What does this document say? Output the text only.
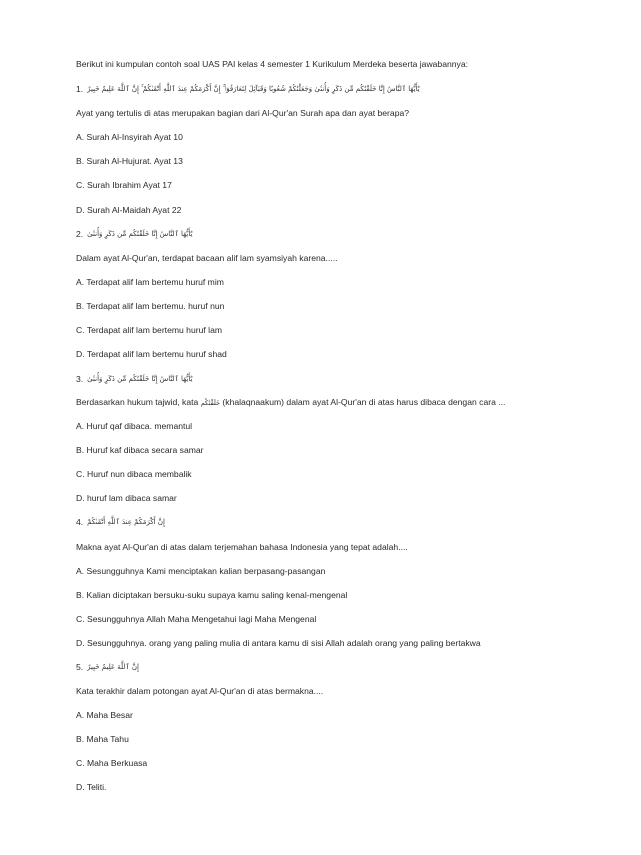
Berikut ini kumpulan contoh soal UAS PAI kelas 4 semester 1 Kurikulum Merdeka beserta jawabannya:
1. يَٰٓأَيُّهَا ٱلنَّاسُ إِنَّا خَلَقْنَٰكُم مِّن ذَكَرٍ وَأُنثَىٰ وَجَعَلْنَٰكُمْ شُعُوبًا وَقَبَآئِلَ لِتَعَارَفُوٓا۟ ۚ إِنَّ أَكْرَمَكُمْ عِندَ ٱللَّهِ أَتْقَىٰكُمْ ۚ إِنَّ ٱللَّهَ عَلِيمٌ خَبِيرٌ
Ayat yang tertulis di atas merupakan bagian dari Al-Qur'an Surah apa dan ayat berapa?
A. Surah Al-Insyirah Ayat 10
B. Surah Al-Hujurat. Ayat 13
C. Surah Ibrahim Ayat 17
D. Surah Al-Maidah Ayat 22
2. يَٰٓأَيُّهَا ٱلنَّاسُ إِنَّا خَلَقْنَٰكُم مِّن ذَكَرٍ وَأُنثَىٰ
Dalam ayat Al-Qur'an, terdapat bacaan alif lam syamsiyah karena.....
A. Terdapat alif lam bertemu huruf mim
B. Terdapat alif lam bertemu. huruf nun
C. Terdapat alif lam bertemu huruf lam
D. Terdapat alif lam bertemu huruf shad
3. يَٰٓأَيُّهَا ٱلنَّاسُ إِنَّا خَلَقْنَٰكُم مِّن ذَكَرٍ وَأُنثَىٰ
Berdasarkan hukum tajwid, kata خَلَقْنَٰكُم (khalaqnaakum) dalam ayat Al-Qur'an di atas harus dibaca dengan cara ...
A. Huruf qaf dibaca. memantul
B. Huruf kaf dibaca secara samar
C. Huruf nun dibaca membalik
D. huruf lam dibaca samar
4. إِنَّ أَكْرَمَكُمْ عِندَ ٱللَّهِ أَتْقَىٰكُمْ
Makna ayat Al-Qur'an di atas dalam terjemahan bahasa Indonesia yang tepat adalah....
A. Sesungguhnya Kami menciptakan kalian berpasang-pasangan
B. Kalian diciptakan bersuku-suku supaya kamu saling kenal-mengenal
C. Sesungguhnya Allah Maha Mengetahui lagi Maha Mengenal
D. Sesungguhnya. orang yang paling mulia di antara kamu di sisi Allah adalah orang yang paling bertakwa
5. إِنَّ ٱللَّهَ عَلِيمٌ خَبِيرٌ
Kata terakhir dalam potongan ayat Al-Qur'an di atas bermakna....
A. Maha Besar
B. Maha Tahu
C. Maha Berkuasa
D. Teliti.
